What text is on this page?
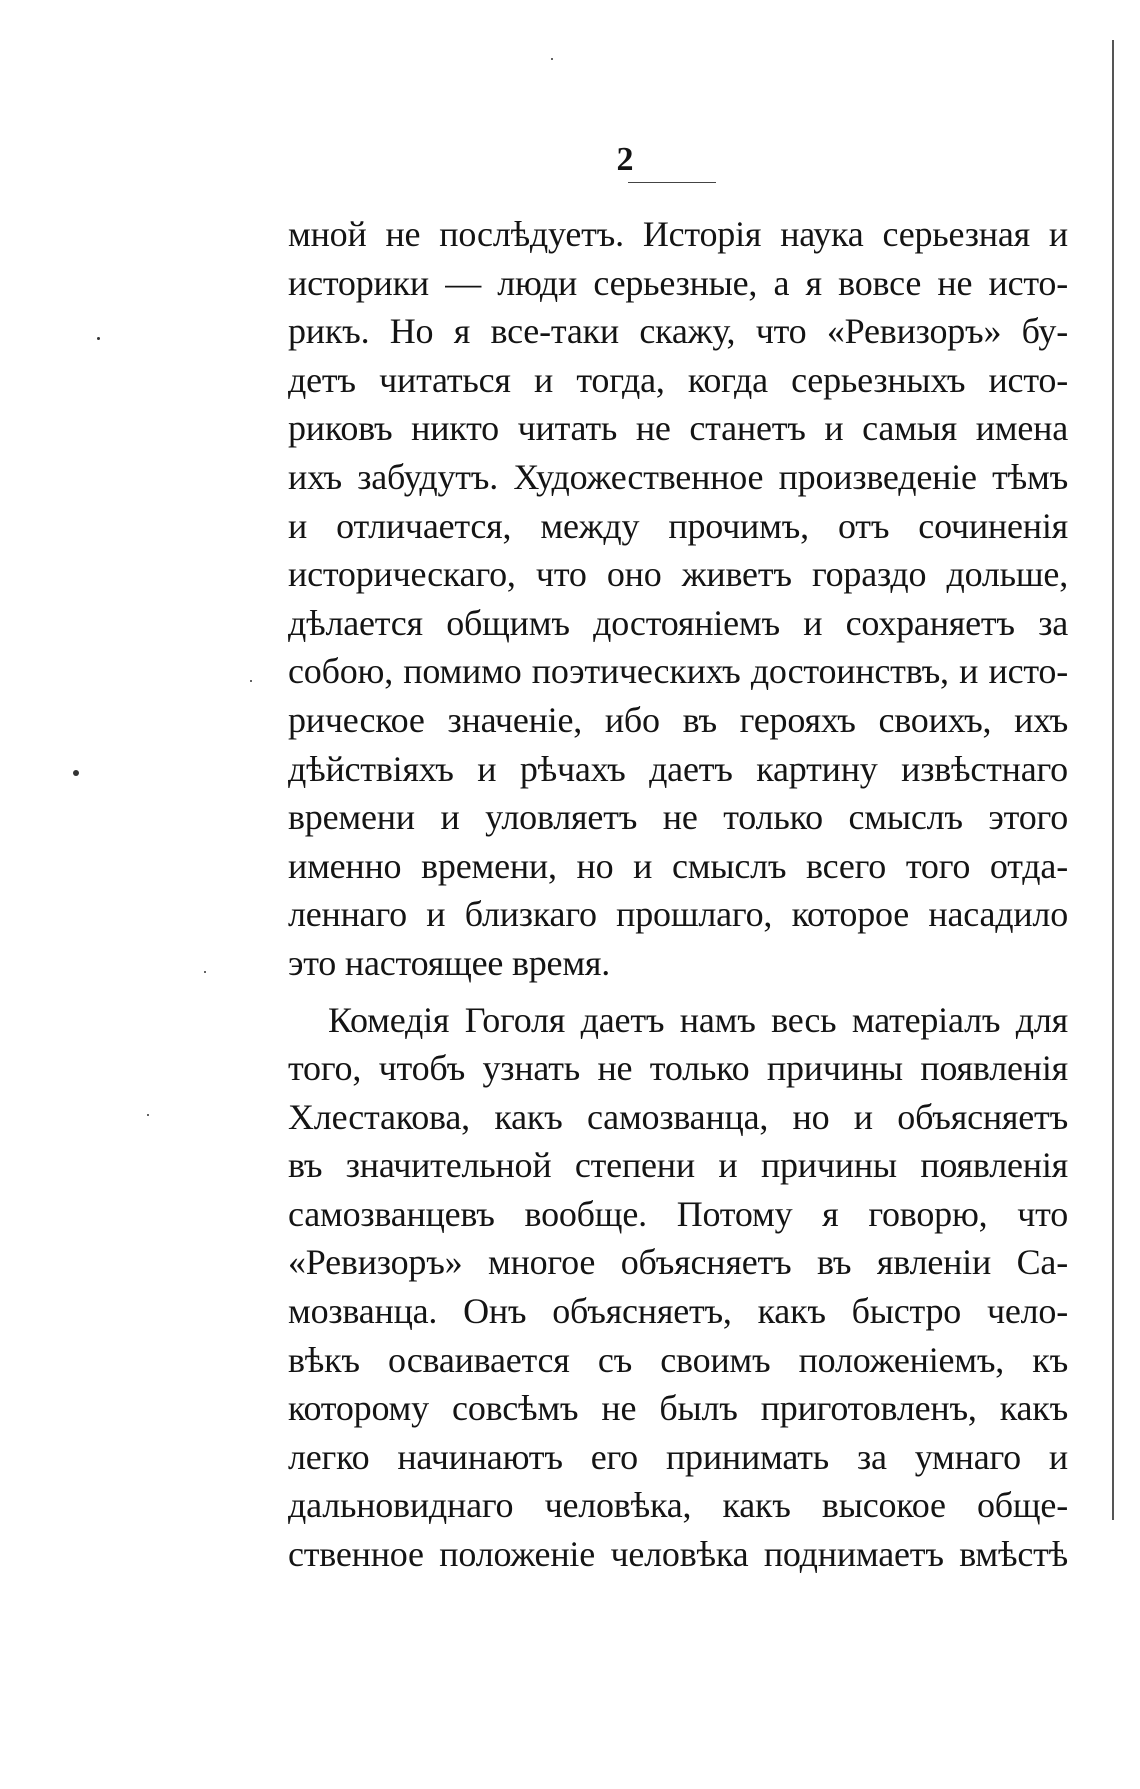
2
мной не послѣдуетъ. Исторія наука серьезная и
историки — люди серьезные, а я вовсе не исто-
рикъ. Но я все-таки скажу, что «Ревизоръ» бу-
детъ читаться и тогда, когда серьезныхъ исто-
риковъ никто читать не станетъ и самыя имена
ихъ забудутъ. Художественное произведеніе тѣмъ
и отличается, между прочимъ, отъ сочиненія
историческаго, что оно живетъ гораздо дольше,
дѣлается общимъ достояніемъ и сохраняетъ за
собою, помимо поэтическихъ достоинствъ, и исто-
рическое значеніе, ибо въ герояхъ своихъ, ихъ
дѣйствіяхъ и рѣчахъ даетъ картину извѣстнаго
времени и уловляетъ не только смыслъ этого
именно времени, но и смыслъ всего того отда-
леннаго и близкаго прошлаго, которое насадило
это настоящее время.
Комедія Гоголя даетъ намъ весь матеріалъ для
того, чтобъ узнать не только причины появленія
Хлестакова, какъ самозванца, но и объясняетъ
въ значительной степени и причины появленія
самозванцевъ вообще. Потому я говорю, что
«Ревизоръ» многое объясняетъ въ явленіи Са-
мозванца. Онъ объясняетъ, какъ быстро чело-
вѣкъ осваивается съ своимъ положеніемъ, къ
которому совсѣмъ не былъ приготовленъ, какъ
легко начинаютъ его принимать за умнаго и
дальновиднаго человѣка, какъ высокое обще-
ственное положеніе человѣка поднимаетъ вмѣстѣ
